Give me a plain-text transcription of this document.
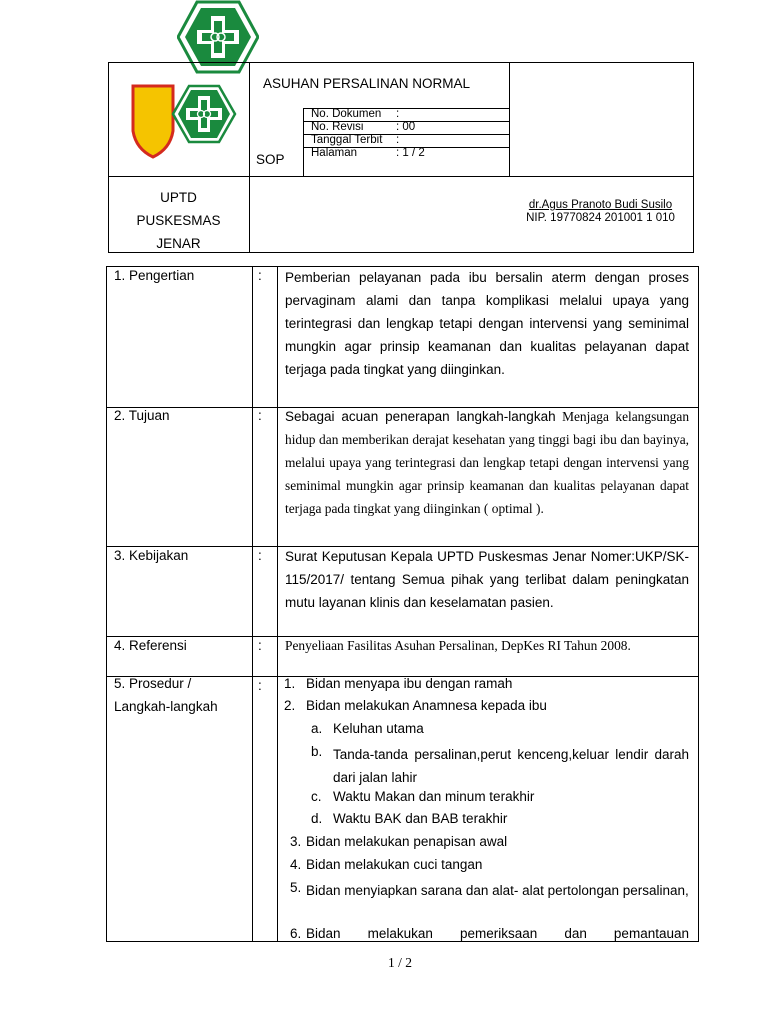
ASUHAN PERSALINAN NORMAL
SOP
No. Dokumen :
No. Revisi	: 00
Tanggal Terbit :
Halaman	: 1 / 2
UPTD
PUSKESMAS
JENAR
dr.Agus Pranoto Budi Susilo
NIP. 19770824 201001 1 010
1. Pengertian	: Pemberian pelayanan pada ibu bersalin aterm dengan proses pervaginam alami dan tanpa komplikasi melalui upaya yang terintegrasi dan lengkap tetapi dengan intervensi yang seminimal mungkin agar prinsip keamanan dan kualitas pelayanan dapat terjaga pada tingkat yang diinginkan.

2. Tujuan	: Sebagai acuan penerapan langkah-langkah Menjaga kelangsungan hidup dan memberikan derajat kesehatan yang tinggi bagi ibu dan bayinya, melalui upaya yang terintegrasi dan lengkap tetapi dengan intervensi yang seminimal mungkin agar prinsip keamanan dan kualitas pelayanan dapat terjaga pada tingkat yang diinginkan ( optimal ).

3. Kebijakan	: Surat Keputusan Kepala UPTD Puskesmas Jenar Nomer:UKP/SK-115/2017/ tentang Semua pihak yang terlibat dalam peningkatan mutu layanan klinis dan keselamatan pasien.

4. Referensi	: Penyeliaan Fasilitas Asuhan Persalinan, DepKes RI Tahun 2008.

5. Prosedur /
Langkah-langkah
: 1. Bidan menyapa ibu dengan ramah
2. Bidan melakukan Anamnesa kepada ibu
a. Keluhan utama
b. Tanda-tanda persalinan,perut kenceng,keluar lendir darah dari jalan lahir
c. Waktu Makan dan minum terakhir
d. Waktu BAK dan BAB terakhir
3. Bidan melakukan penapisan awal
4. Bidan melakukan cuci tangan
5. Bidan menyiapkan sarana dan alat- alat pertolongan persalinan,
6. Bidan melakukan pemeriksaan dan pemantauan
1 / 2
